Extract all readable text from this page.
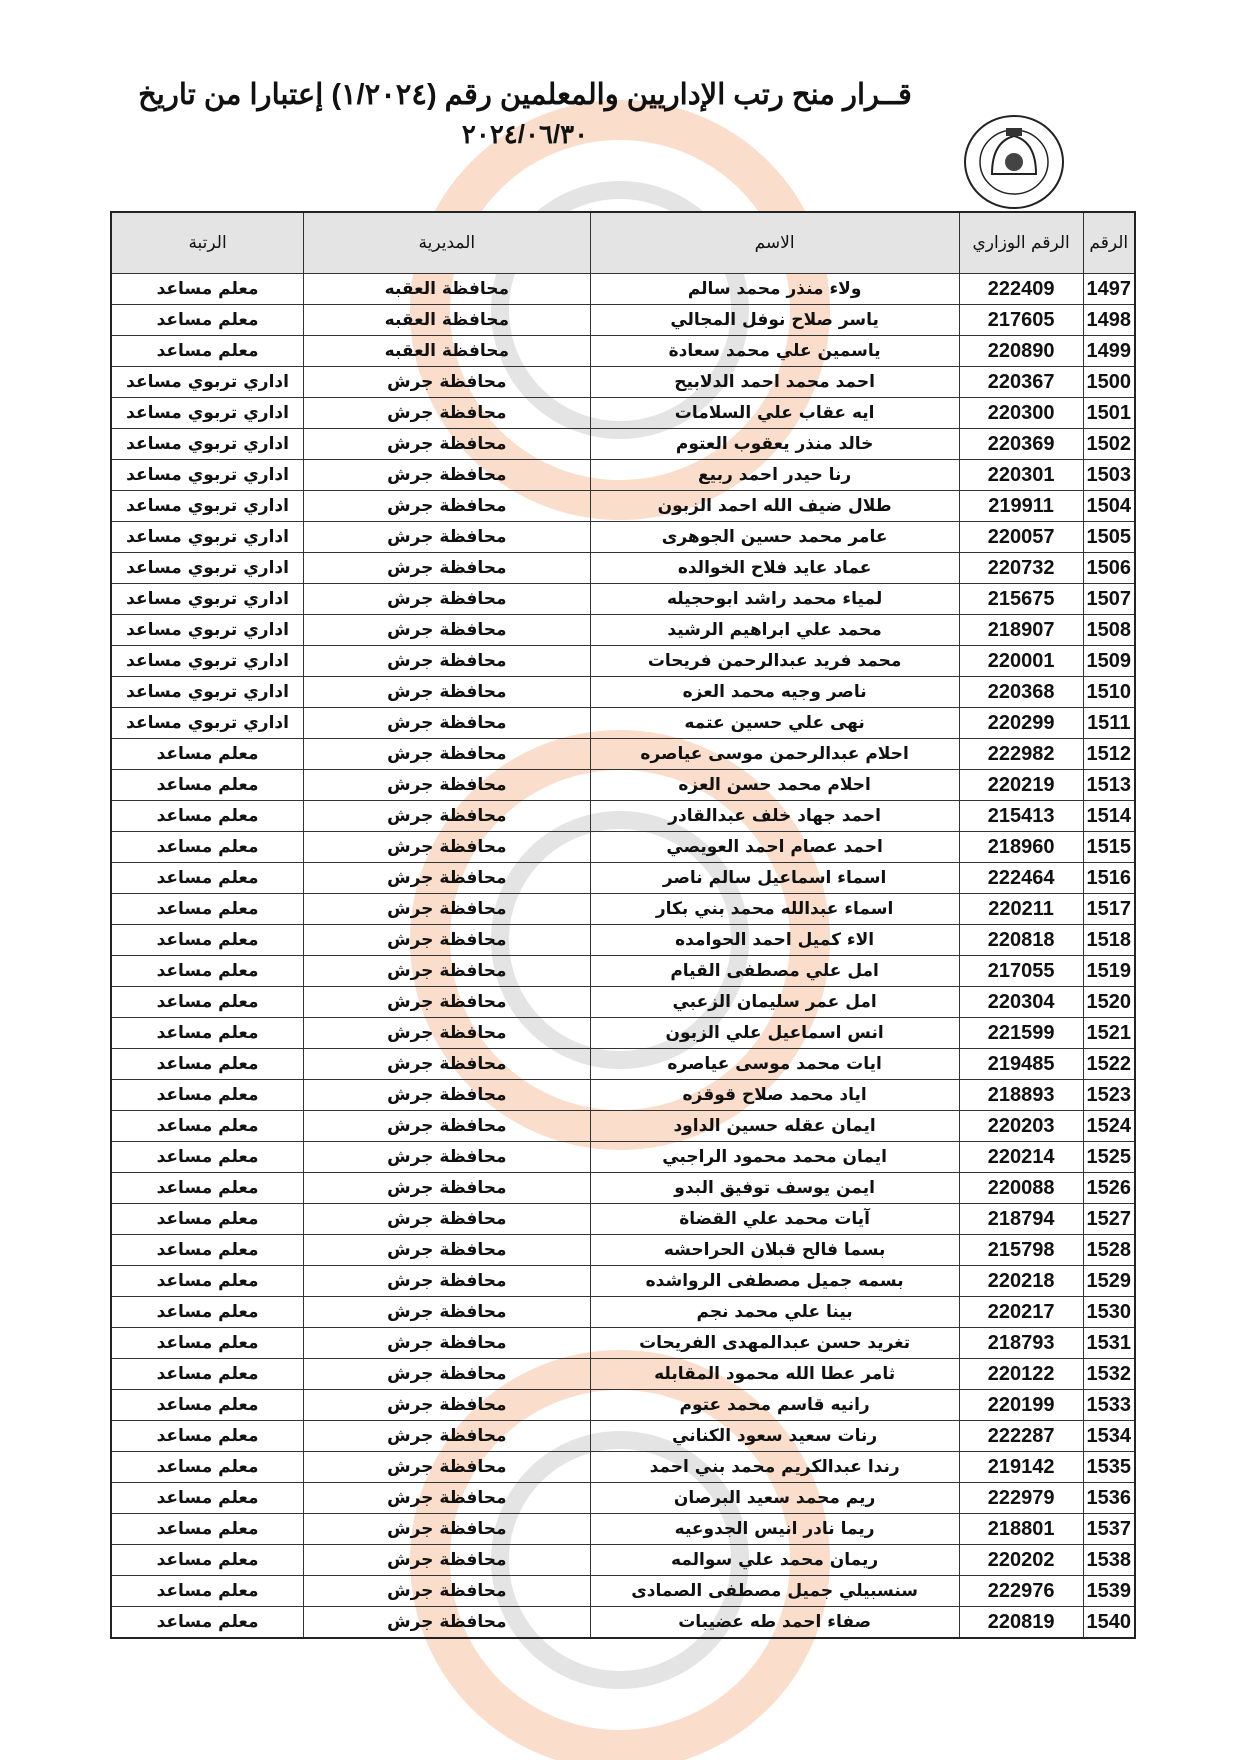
قــرار منح رتب الإداريين والمعلمين رقم (١/٢٠٢٤) إعتبارا من تاريخ
٢٠٢٤/٠٦/٣٠
الرقم	الرقم الوزاري	الاسم	المديرية	الرتبة
1497	222409	ولاء منذر محمد سالم	محافظة العقبه	معلم مساعد
1498	217605	ياسر صلاح نوفل المجالي	محافظة العقبه	معلم مساعد
1499	220890	ياسمين علي محمد سعادة	محافظة العقبه	معلم مساعد
1500	220367	احمد محمد احمد الدلابيح	محافظة جرش	اداري تربوي مساعد
1501	220300	ايه عقاب علي السلامات	محافظة جرش	اداري تربوي مساعد
1502	220369	خالد منذر يعقوب العتوم	محافظة جرش	اداري تربوي مساعد
1503	220301	رنا حيدر احمد ربيع	محافظة جرش	اداري تربوي مساعد
1504	219911	طلال ضيف الله احمد الزبون	محافظة جرش	اداري تربوي مساعد
1505	220057	عامر محمد حسين الجوهرى	محافظة جرش	اداري تربوي مساعد
1506	220732	عماد عايد فلاح الخوالده	محافظة جرش	اداري تربوي مساعد
1507	215675	لمياء محمد راشد ابوحجيله	محافظة جرش	اداري تربوي مساعد
1508	218907	محمد علي ابراهيم الرشيد	محافظة جرش	اداري تربوي مساعد
1509	220001	محمد فريد عبدالرحمن فريحات	محافظة جرش	اداري تربوي مساعد
1510	220368	ناصر وجيه محمد العزه	محافظة جرش	اداري تربوي مساعد
1511	220299	نهى علي حسين عتمه	محافظة جرش	اداري تربوي مساعد
1512	222982	احلام عبدالرحمن موسى عياصره	محافظة جرش	معلم مساعد
1513	220219	احلام محمد حسن العزه	محافظة جرش	معلم مساعد
1514	215413	احمد جهاد خلف عبدالقادر	محافظة جرش	معلم مساعد
1515	218960	احمد عصام احمد العويصي	محافظة جرش	معلم مساعد
1516	222464	اسماء اسماعيل سالم ناصر	محافظة جرش	معلم مساعد
1517	220211	اسماء عبدالله محمد بني بكار	محافظة جرش	معلم مساعد
1518	220818	الاء كميل احمد الحوامده	محافظة جرش	معلم مساعد
1519	217055	امل علي مصطفى القيام	محافظة جرش	معلم مساعد
1520	220304	امل عمر سليمان الزعبي	محافظة جرش	معلم مساعد
1521	221599	انس اسماعيل علي الزبون	محافظة جرش	معلم مساعد
1522	219485	ايات محمد موسى عياصره	محافظة جرش	معلم مساعد
1523	218893	اياد محمد صلاح قوقزه	محافظة جرش	معلم مساعد
1524	220203	ايمان عقله حسين الداود	محافظة جرش	معلم مساعد
1525	220214	ايمان محمد محمود الراجبي	محافظة جرش	معلم مساعد
1526	220088	ايمن يوسف توفيق البدو	محافظة جرش	معلم مساعد
1527	218794	آيات محمد علي القضاة	محافظة جرش	معلم مساعد
1528	215798	بسما فالح قبلان الحراحشه	محافظة جرش	معلم مساعد
1529	220218	بسمه جميل مصطفى الرواشده	محافظة جرش	معلم مساعد
1530	220217	بينا علي محمد نجم	محافظة جرش	معلم مساعد
1531	218793	تغريد حسن عبدالمهدى الفريحات	محافظة جرش	معلم مساعد
1532	220122	ثامر عطا الله محمود المقابله	محافظة جرش	معلم مساعد
1533	220199	رانيه قاسم محمد عتوم	محافظة جرش	معلم مساعد
1534	222287	رنات سعيد سعود الكناني	محافظة جرش	معلم مساعد
1535	219142	رندا عبدالكريم محمد بني احمد	محافظة جرش	معلم مساعد
1536	222979	ريم محمد سعيد البرصان	محافظة جرش	معلم مساعد
1537	218801	ريما نادر انيس الجدوعيه	محافظة جرش	معلم مساعد
1538	220202	ريمان محمد علي سوالمه	محافظة جرش	معلم مساعد
1539	222976	سنسبيلي جميل مصطفى الصمادى	محافظة جرش	معلم مساعد
1540	220819	صفاء احمد طه عضيبات	محافظة جرش	معلم مساعد
